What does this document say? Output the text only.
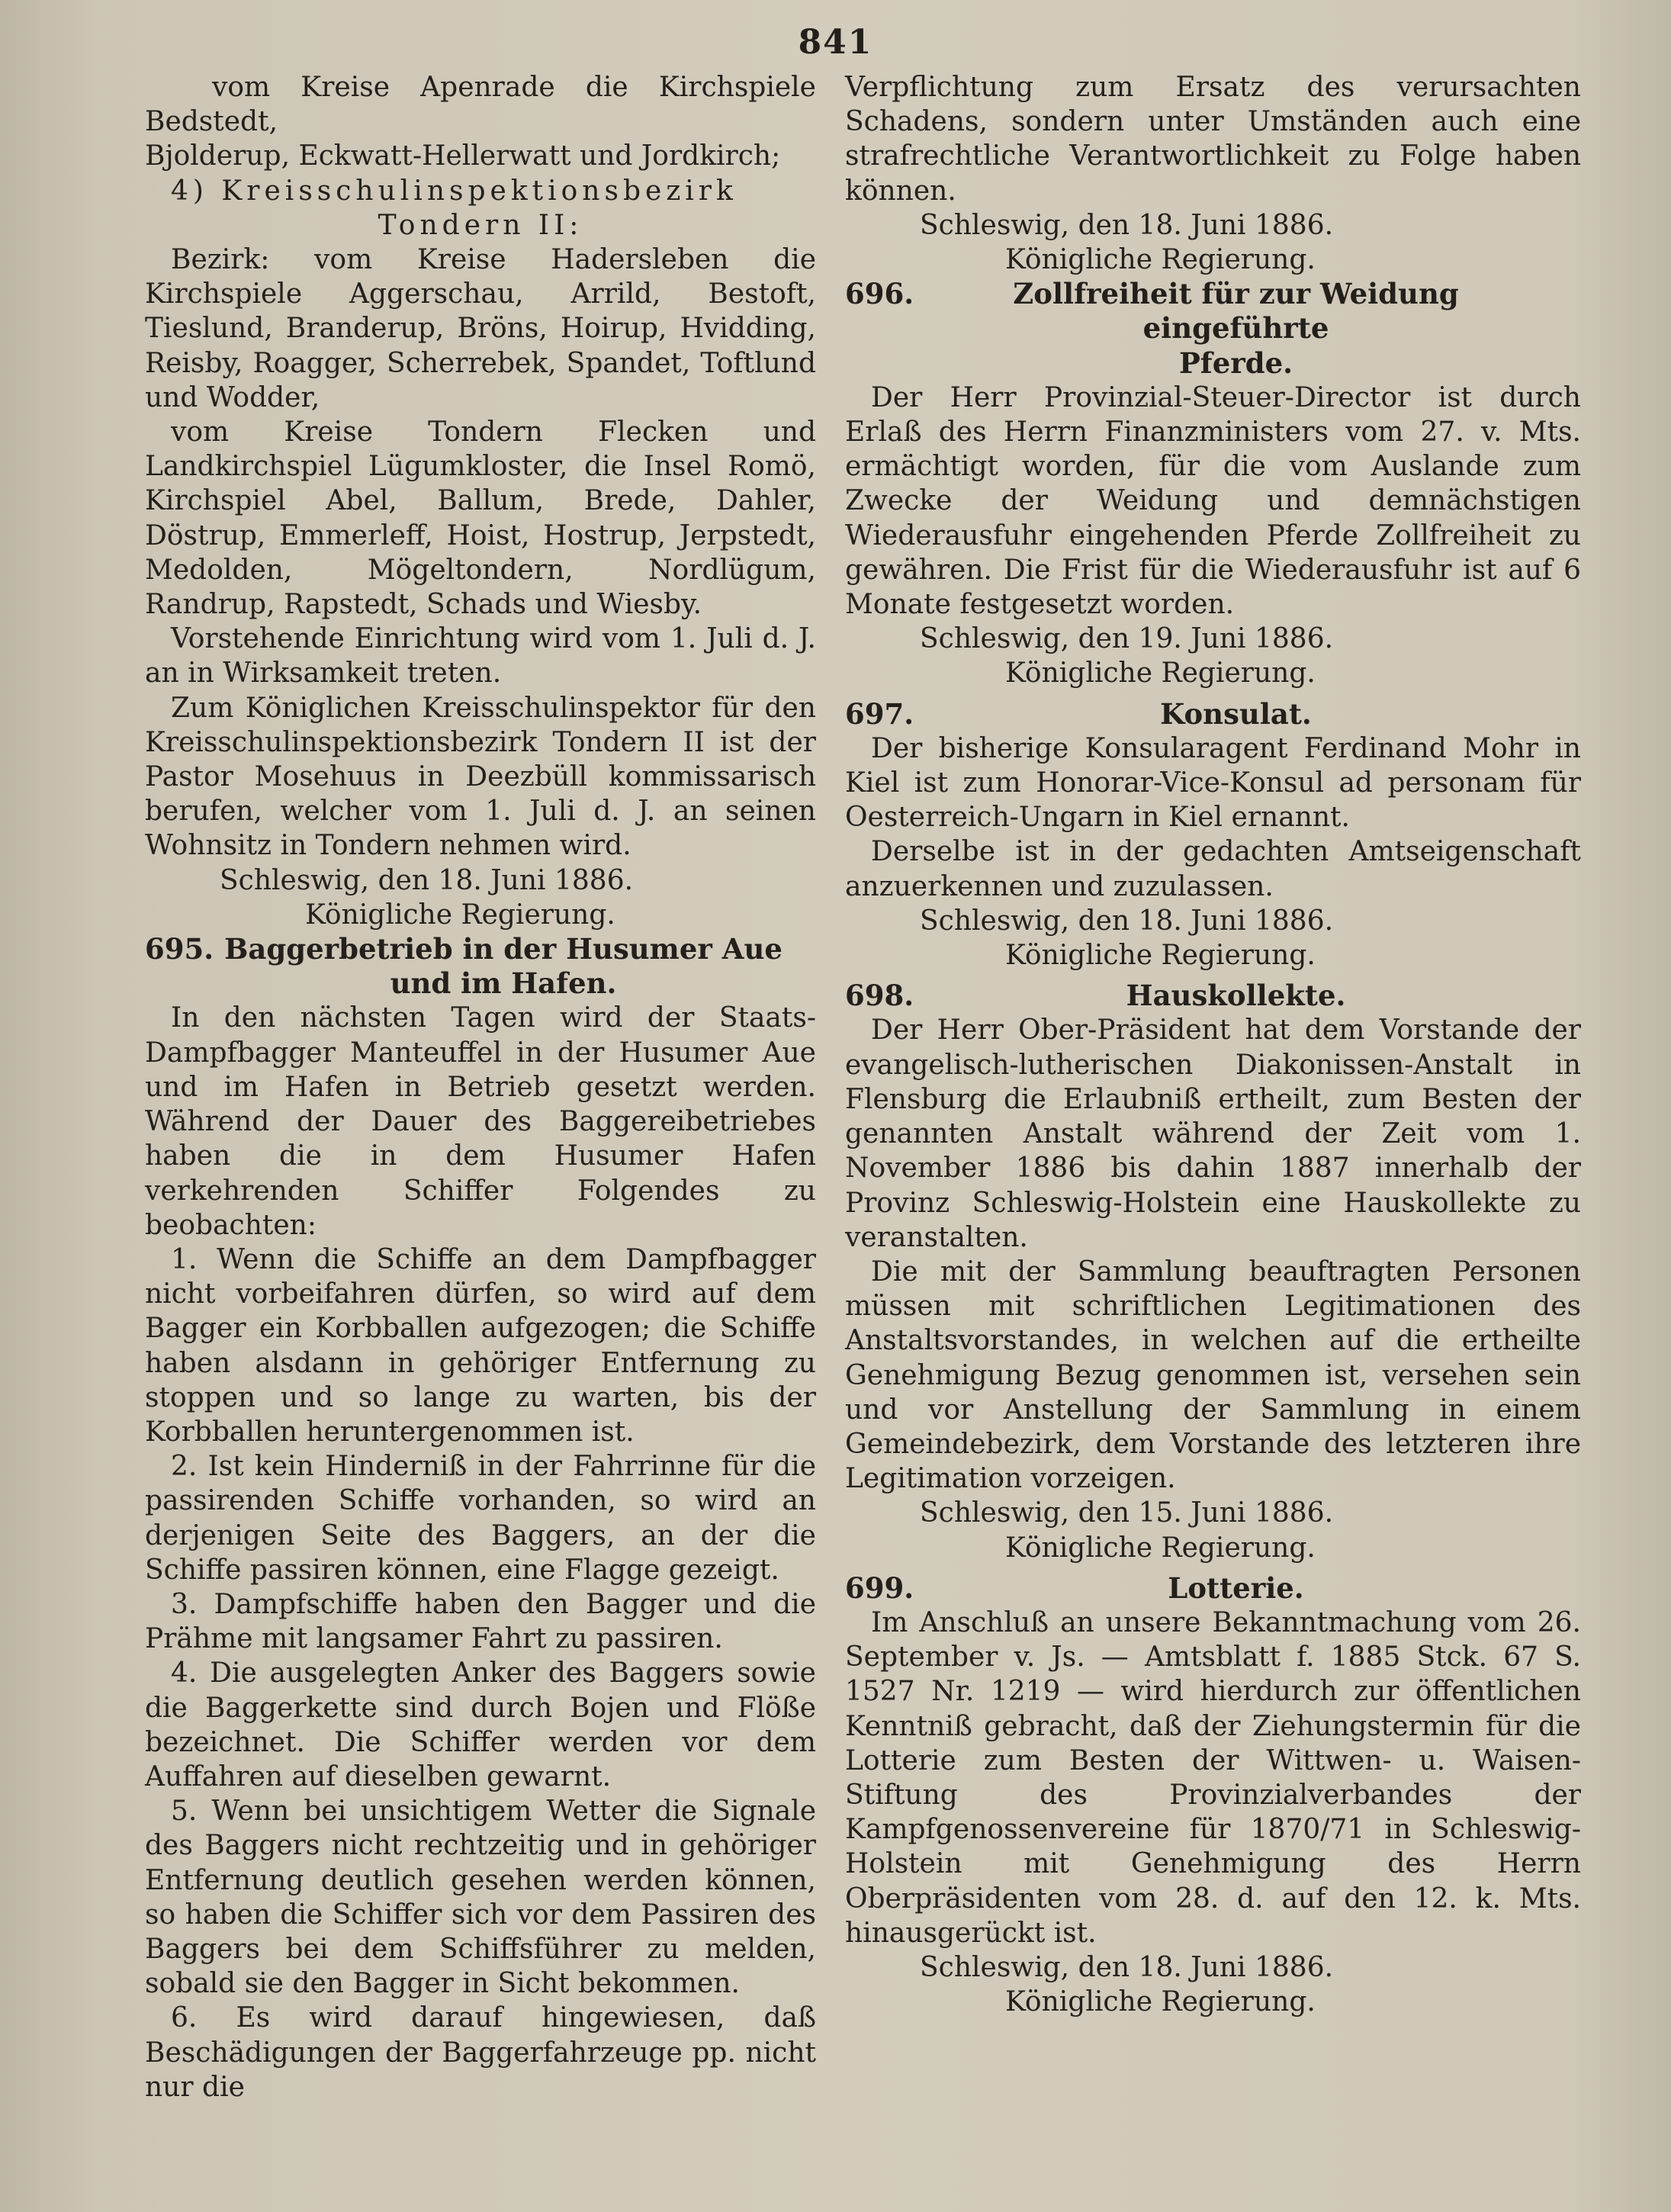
841

vom Kreise Apenrade die Kirchspiele Bedstedt,

Bjolderup, Eckwatt-Hellerwatt und Jordkirch;

4) Kreisschulinspektionsbezirk

Tondern II:

Bezirk: vom Kreise Hadersleben die Kirchspiele Aggerschau, Arrild, Bestoft, Tieslund, Branderup, Bröns, Hoirup, Hvidding, Reisby, Roagger, Scherrebek, Spandet, Toftlund und Wodder,

vom Kreise Tondern Flecken und Landkirchspiel Lügumkloster, die Insel Romö, Kirchspiel Abel, Ballum, Brede, Dahler, Döstrup, Emmerleff, Hoist, Hostrup, Jerpstedt, Medolden, Mögeltondern, Nordlügum, Randrup, Rapstedt, Schads und Wiesby.

Vorstehende Einrichtung wird vom 1. Juli d. J. an in Wirksamkeit treten.

Zum Königlichen Kreisschulinspektor für den Kreisschulinspektionsbezirk Tondern II ist der Pastor Mosehuus in Deezbüll kommissarisch berufen, welcher vom 1. Juli d. J. an seinen Wohnsitz in Tondern nehmen wird.

Schleswig, den 18. Juni 1886.

Königliche Regierung.

695. Baggerbetrieb in der Husumer Aue
und im Hafen.

In den nächsten Tagen wird der Staats-Dampfbagger Manteuffel in der Husumer Aue und im Hafen in Betrieb gesetzt werden. Während der Dauer des Baggereibetriebes haben die in dem Husumer Hafen verkehrenden Schiffer Folgendes zu beobachten:

1. Wenn die Schiffe an dem Dampfbagger nicht vorbeifahren dürfen, so wird auf dem Bagger ein Korbballen aufgezogen; die Schiffe haben alsdann in gehöriger Entfernung zu stoppen und so lange zu warten, bis der Korbballen heruntergenommen ist.

2. Ist kein Hinderniß in der Fahrrinne für die passirenden Schiffe vorhanden, so wird an derjenigen Seite des Baggers, an der die Schiffe passiren können, eine Flagge gezeigt.

3. Dampfschiffe haben den Bagger und die Prähme mit langsamer Fahrt zu passiren.

4. Die ausgelegten Anker des Baggers sowie die Baggerkette sind durch Bojen und Flöße bezeichnet. Die Schiffer werden vor dem Auffahren auf dieselben gewarnt.

5. Wenn bei unsichtigem Wetter die Signale des Baggers nicht rechtzeitig und in gehöriger Entfernung deutlich gesehen werden können, so haben die Schiffer sich vor dem Passiren des Baggers bei dem Schiffsführer zu melden, sobald sie den Bagger in Sicht bekommen.

6. Es wird darauf hingewiesen, daß Beschädigungen der Baggerfahrzeuge pp. nicht nur die

Verpflichtung zum Ersatz des verursachten Schadens, sondern unter Umständen auch eine strafrechtliche Verantwortlichkeit zu Folge haben können.

Schleswig, den 18. Juni 1886.

Königliche Regierung.

696.	Zollfreiheit für zur Weidung eingeführte
Pferde.

Der Herr Provinzial-Steuer-Director ist durch Erlaß des Herrn Finanzministers vom 27. v. Mts. ermächtigt worden, für die vom Auslande zum Zwecke der Weidung und demnächstigen Wiederausfuhr eingehenden Pferde Zollfreiheit zu gewähren. Die Frist für die Wiederausfuhr ist auf 6 Monate festgesetzt worden.

Schleswig, den 19. Juni 1886.

Königliche Regierung.

697.	Konsulat.

Der bisherige Konsularagent Ferdinand Mohr in Kiel ist zum Honorar-Vice-Konsul ad personam für Oesterreich-Ungarn in Kiel ernannt.

Derselbe ist in der gedachten Amtseigenschaft anzuerkennen und zuzulassen.

Schleswig, den 18. Juni 1886.

Königliche Regierung.

698.	Hauskollekte.

Der Herr Ober-Präsident hat dem Vorstande der evangelisch-lutherischen Diakonissen-Anstalt in Flensburg die Erlaubniß ertheilt, zum Besten der genannten Anstalt während der Zeit vom 1. November 1886 bis dahin 1887 innerhalb der Provinz Schleswig-Holstein eine Hauskollekte zu veranstalten.

Die mit der Sammlung beauftragten Personen müssen mit schriftlichen Legitimationen des Anstaltsvorstandes, in welchen auf die ertheilte Genehmigung Bezug genommen ist, versehen sein und vor Anstellung der Sammlung in einem Gemeindebezirk, dem Vorstande des letzteren ihre Legitimation vorzeigen.

Schleswig, den 15. Juni 1886.

Königliche Regierung.

699.	Lotterie.

Im Anschluß an unsere Bekanntmachung vom 26. September v. Js. — Amtsblatt f. 1885 Stck. 67 S. 1527 Nr. 1219 — wird hierdurch zur öffentlichen Kenntniß gebracht, daß der Ziehungstermin für die Lotterie zum Besten der Wittwen- u. Waisen-Stiftung des Provinzialverbandes der Kampfgenossenvereine für 1870/71 in Schleswig-Holstein mit Genehmigung des Herrn Oberpräsidenten vom 28. d. auf den 12. k. Mts. hinausgerückt ist.

Schleswig, den 18. Juni 1886.

Königliche Regierung.
